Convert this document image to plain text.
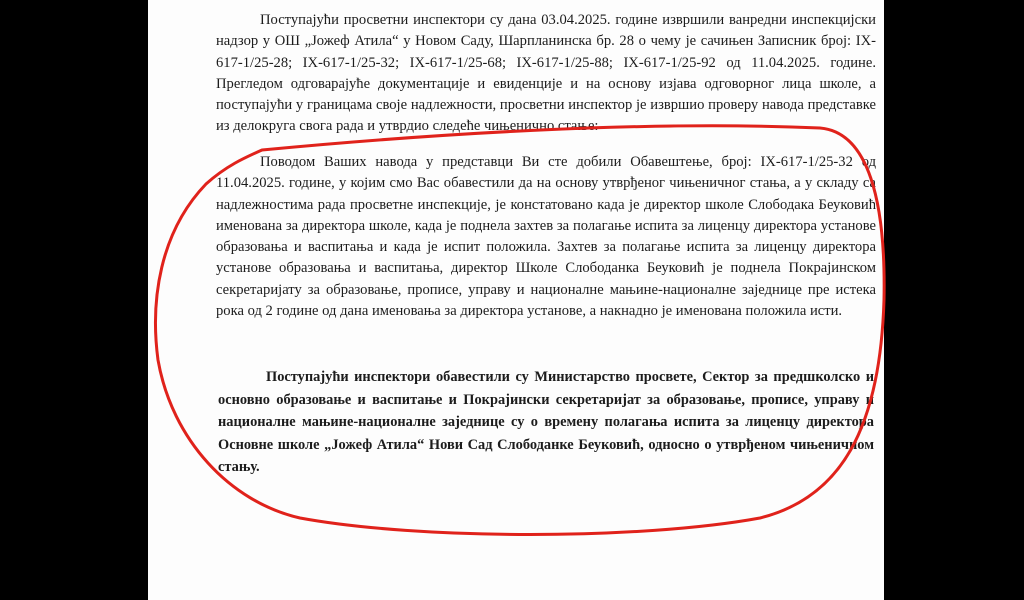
Поступајући просветни инспектори су дана 03.04.2025. године извршили ванредни инспекцијски надзор у ОШ „Јожеф Атила“ у Новом Саду, Шарпланинска бр. 28 о чему је сачињен Записник број: IX-617-1/25-28; IX-617-1/25-32; IX-617-1/25-68; IX-617-1/25-88; IX-617-1/25-92 од 11.04.2025. године. Прегледом одговарајуће документације и евиденције и на основу изјава одговорног лица школе, а поступајући у границама своје надлежности, просветни инспектор је извршио проверу навода представке из делокруга свога рада и утврдио следеће чињенично стање:

Поводом Ваших навода у представци Ви сте добили Обавештење, број: IX-617-1/25-32 од 11.04.2025. године, у којим смо Вас обавестили да на основу утврђеног чињеничног стања, а у складу са надлежностима рада просветне инспекције, је констатовано када је директор школе Слободака Беуковић именована за директора школе, када је поднела захтев за полагање испита за лиценцу директора установе образовања и васпитања и када је испит положила. Захтев за полагање испита за лиценцу директора установе образовања и васпитања, директор Школе Слободанка Беуковић је поднела Покрајинском секретаријату за образовање, прописе, управу и националне мањине-националне заједнице пре истека рока од 2 године од дана именовања за директора установе, а накнадно је именована положила исти.

Поступајући инспектори обавестили су Министарство просвете, Сектор за предшколско и основно образовање и васпитање и Покрајински секретаријат за образовање, прописе, управу и националне мањине-националне заједнице су о времену полагања испита за лиценцу директора Основне школе „Јожеф Атила“ Нови Сад Слободанке Беуковић, односно о утврђеном чињеничном стању.
